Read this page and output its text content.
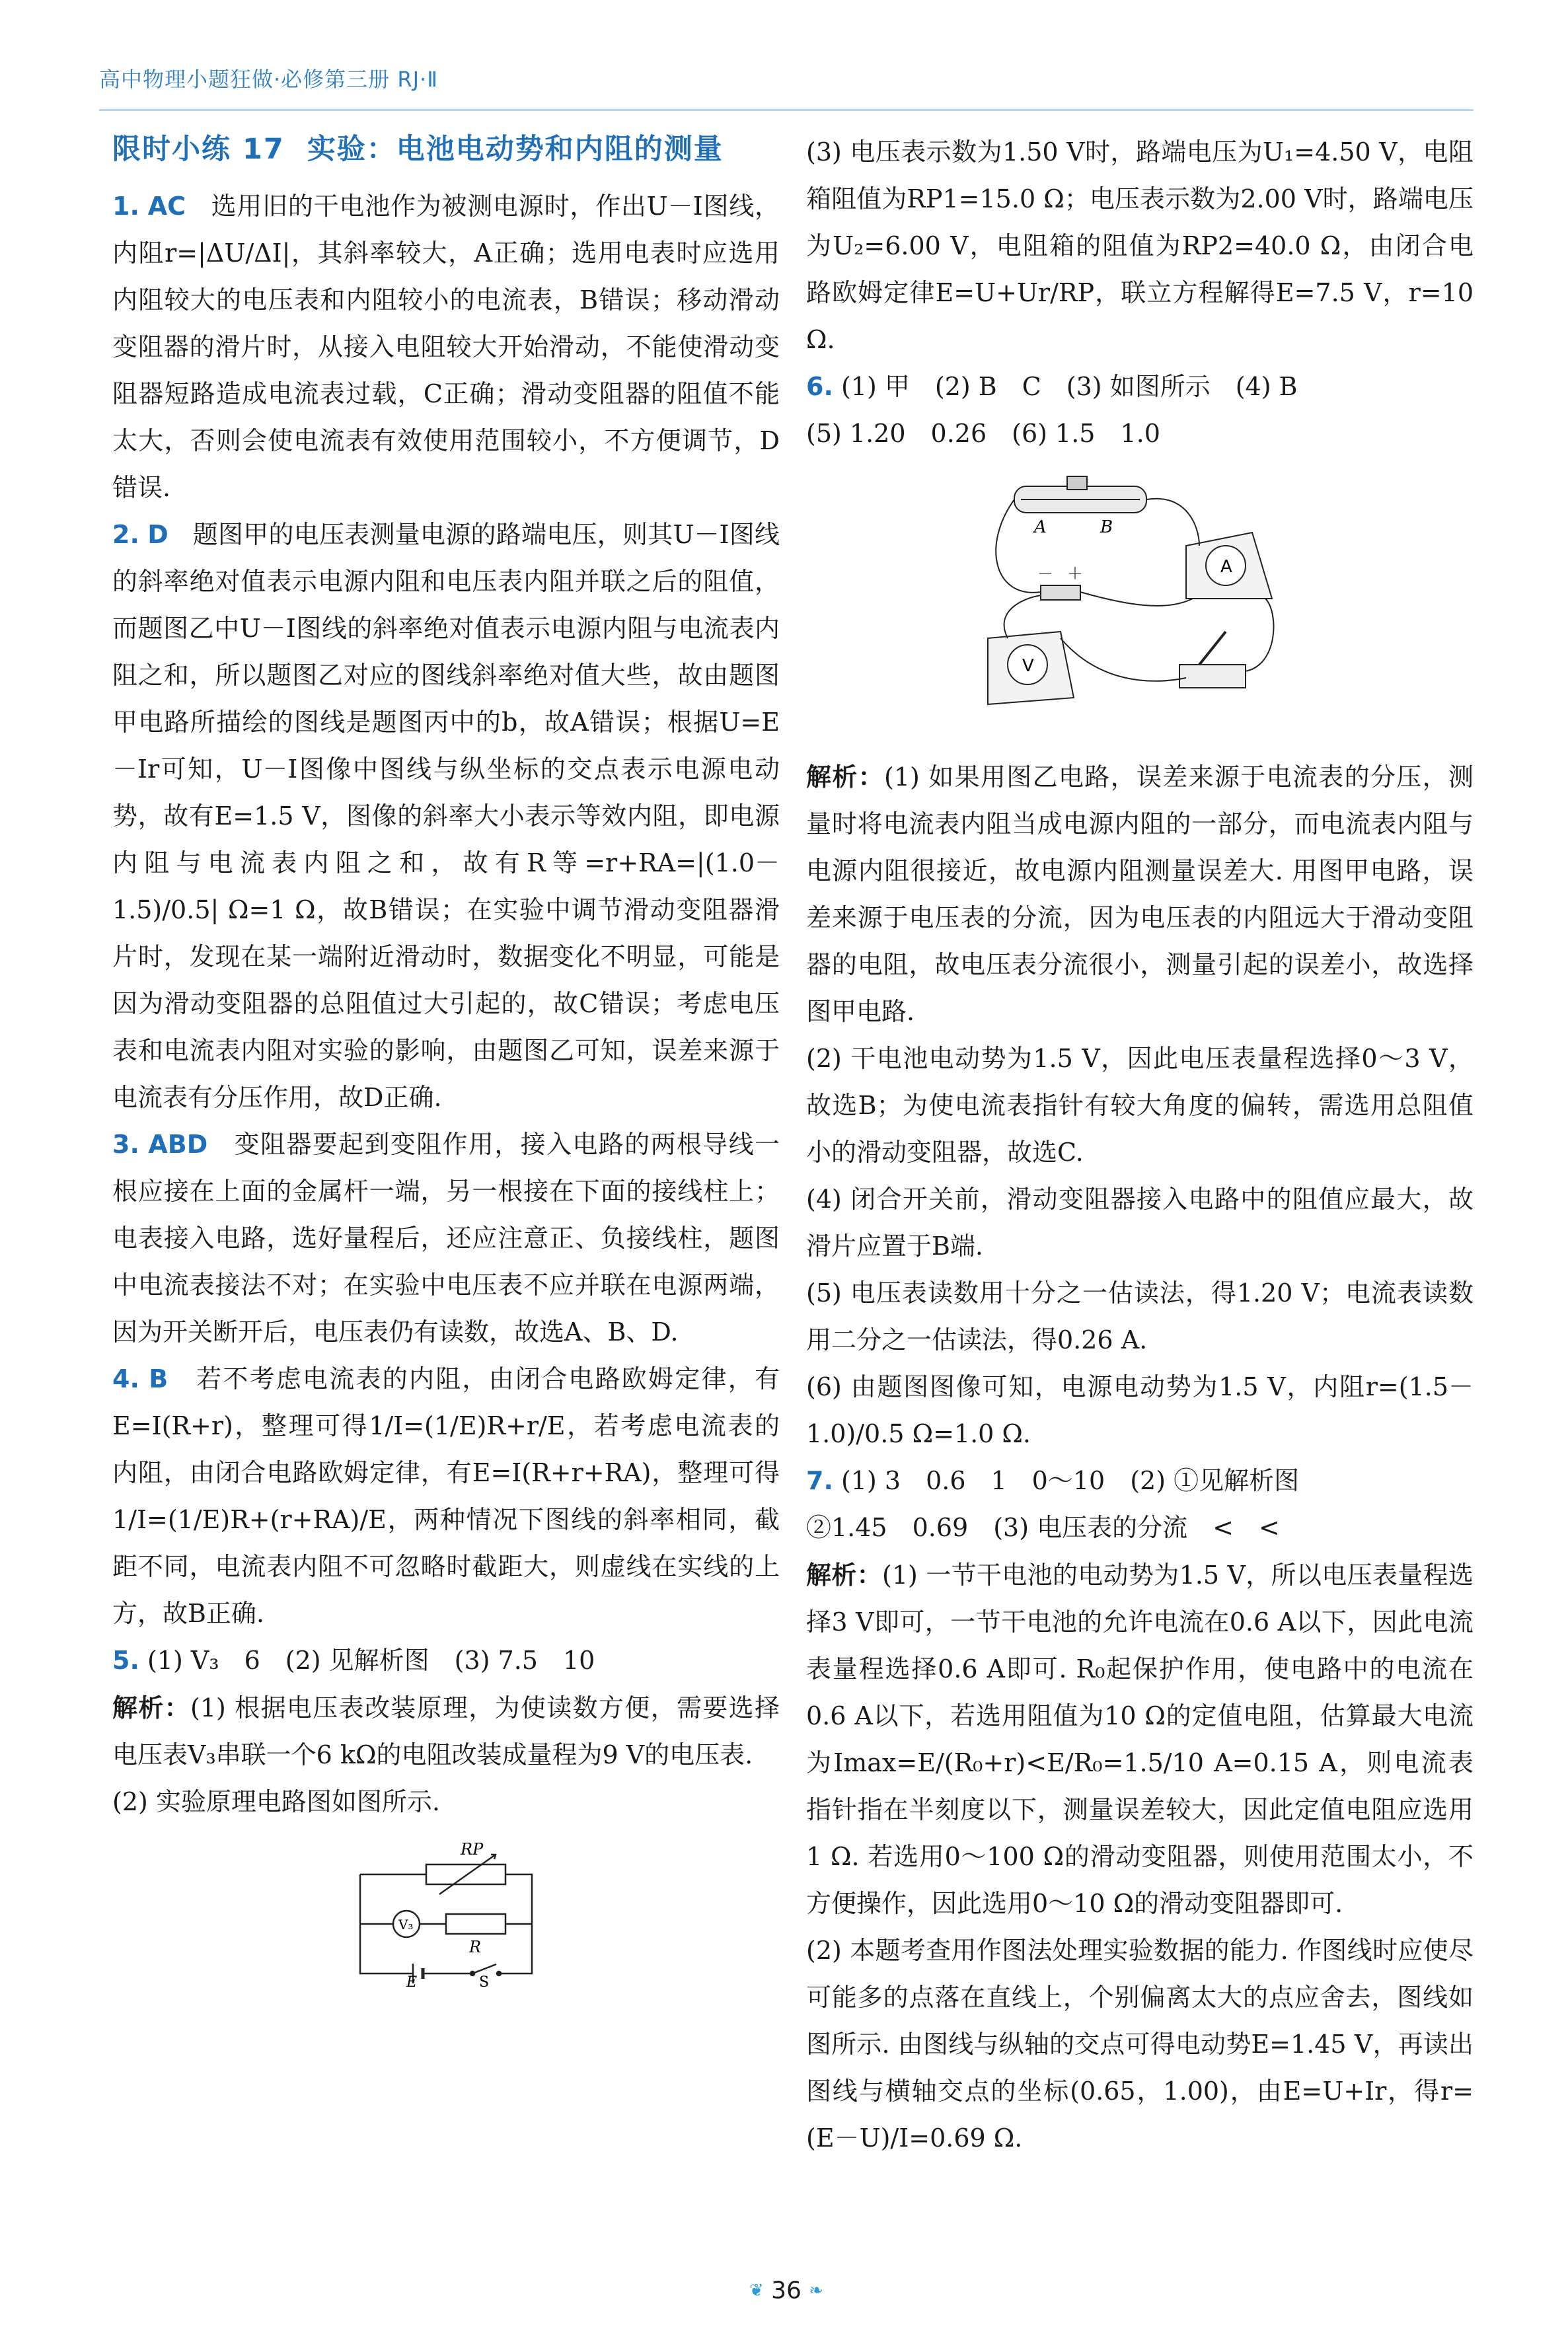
高中物理小题狂做·必修第三册 RJ·Ⅱ
限时小练 17 实验：电池电动势和内阻的测量

1. AC 选用旧的干电池作为被测电源时，作出U－I图线，内阻r=|ΔU/ΔI|，其斜率较大，A正确；选用电表时应选用内阻较大的电压表和内阻较小的电流表，B错误；移动滑动变阻器的滑片时，从接入电阻较大开始滑动，不能使滑动变阻器短路造成电流表过载，C正确；滑动变阻器的阻值不能太大，否则会使电流表有效使用范围较小，不方便调节，D错误.

2. D 题图甲的电压表测量电源的路端电压，则其U－I图线的斜率绝对值表示电源内阻和电压表内阻并联之后的阻值，而题图乙中U－I图线的斜率绝对值表示电源内阻与电流表内阻之和，所以题图乙对应的图线斜率绝对值大些，故由题图甲电路所描绘的图线是题图丙中的b，故A错误；根据U=E－Ir可知，U－I图像中图线与纵坐标的交点表示电源电动势，故有E=1.5 V，图像的斜率大小表示等效内阻，即电源内阻与电流表内阻之和，故有R等=r+RA=|(1.0－1.5)/0.5| Ω=1 Ω，故B错误；在实验中调节滑动变阻器滑片时，发现在某一端附近滑动时，数据变化不明显，可能是因为滑动变阻器的总阻值过大引起的，故C错误；考虑电压表和电流表内阻对实验的影响，由题图乙可知，误差来源于电流表有分压作用，故D正确.

3. ABD 变阻器要起到变阻作用，接入电路的两根导线一根应接在上面的金属杆一端，另一根接在下面的接线柱上；电表接入电路，选好量程后，还应注意正、负接线柱，题图中电流表接法不对；在实验中电压表不应并联在电源两端，因为开关断开后，电压表仍有读数，故选A、B、D.

4. B 若不考虑电流表的内阻，由闭合电路欧姆定律，有E=I(R+r)，整理可得1/I=(1/E)R+r/E，若考虑电流表的内阻，由闭合电路欧姆定律，有E=I(R+r+RA)，整理可得1/I=(1/E)R+(r+RA)/E，两种情况下图线的斜率相同，截距不同，电流表内阻不可忽略时截距大，则虚线在实线的上方，故B正确.

5. (1) V₃　6　(2) 见解析图　(3) 7.5　10

解析：(1) 根据电压表改装原理，为使读数方便，需要选择电压表V₃串联一个6 kΩ的电阻改装成量程为9 V的电压表.

(2) 实验原理电路图如图所示.

RP
V₃
R
E	S

(3) 电压表示数为1.50 V时，路端电压为U₁=4.50 V，电阻箱阻值为RP1=15.0 Ω；电压表示数为2.00 V时，路端电压为U₂=6.00 V，电阻箱的阻值为RP2=40.0 Ω，由闭合电路欧姆定律E=U+Ur/RP，联立方程解得E=7.5 V，r=10 Ω.

6. (1) 甲　(2) B　C　(3) 如图所示　(4) B

(5) 1.20　0.26　(6) 1.5　1.0

A	B
－ ＋	A
V

解析：(1) 如果用图乙电路，误差来源于电流表的分压，测量时将电流表内阻当成电源内阻的一部分，而电流表内阻与电源内阻很接近，故电源内阻测量误差大. 用图甲电路，误差来源于电压表的分流，因为电压表的内阻远大于滑动变阻器的电阻，故电压表分流很小，测量引起的误差小，故选择图甲电路.

(2) 干电池电动势为1.5 V，因此电压表量程选择0～3 V，故选B；为使电流表指针有较大角度的偏转，需选用总阻值小的滑动变阻器，故选C.

(4) 闭合开关前，滑动变阻器接入电路中的阻值应最大，故滑片应置于B端.

(5) 电压表读数用十分之一估读法，得1.20 V；电流表读数用二分之一估读法，得0.26 A.

(6) 由题图图像可知，电源电动势为1.5 V，内阻r=(1.5－1.0)/0.5 Ω=1.0 Ω.

7. (1) 3　0.6　1　0～10　(2) ①见解析图

②1.45　0.69　(3) 电压表的分流　<　<

解析：(1) 一节干电池的电动势为1.5 V，所以电压表量程选择3 V即可，一节干电池的允许电流在0.6 A以下，因此电流表量程选择0.6 A即可. R₀起保护作用，使电路中的电流在0.6 A以下，若选用阻值为10 Ω的定值电阻，估算最大电流为Imax=E/(R₀+r)<E/R₀=1.5/10 A=0.15 A，则电流表指针指在半刻度以下，测量误差较大，因此定值电阻应选用1 Ω. 若选用0～100 Ω的滑动变阻器，则使用范围太小，不方便操作，因此选用0～10 Ω的滑动变阻器即可.

(2) 本题考查用作图法处理实验数据的能力. 作图线时应使尽可能多的点落在直线上，个别偏离太大的点应舍去，图线如图所示. 由图线与纵轴的交点可得电动势E=1.45 V，再读出图线与横轴交点的坐标(0.65，1.00)，由E=U+Ir，得r=(E－U)/I=0.69 Ω.

❦ 36 ❧
